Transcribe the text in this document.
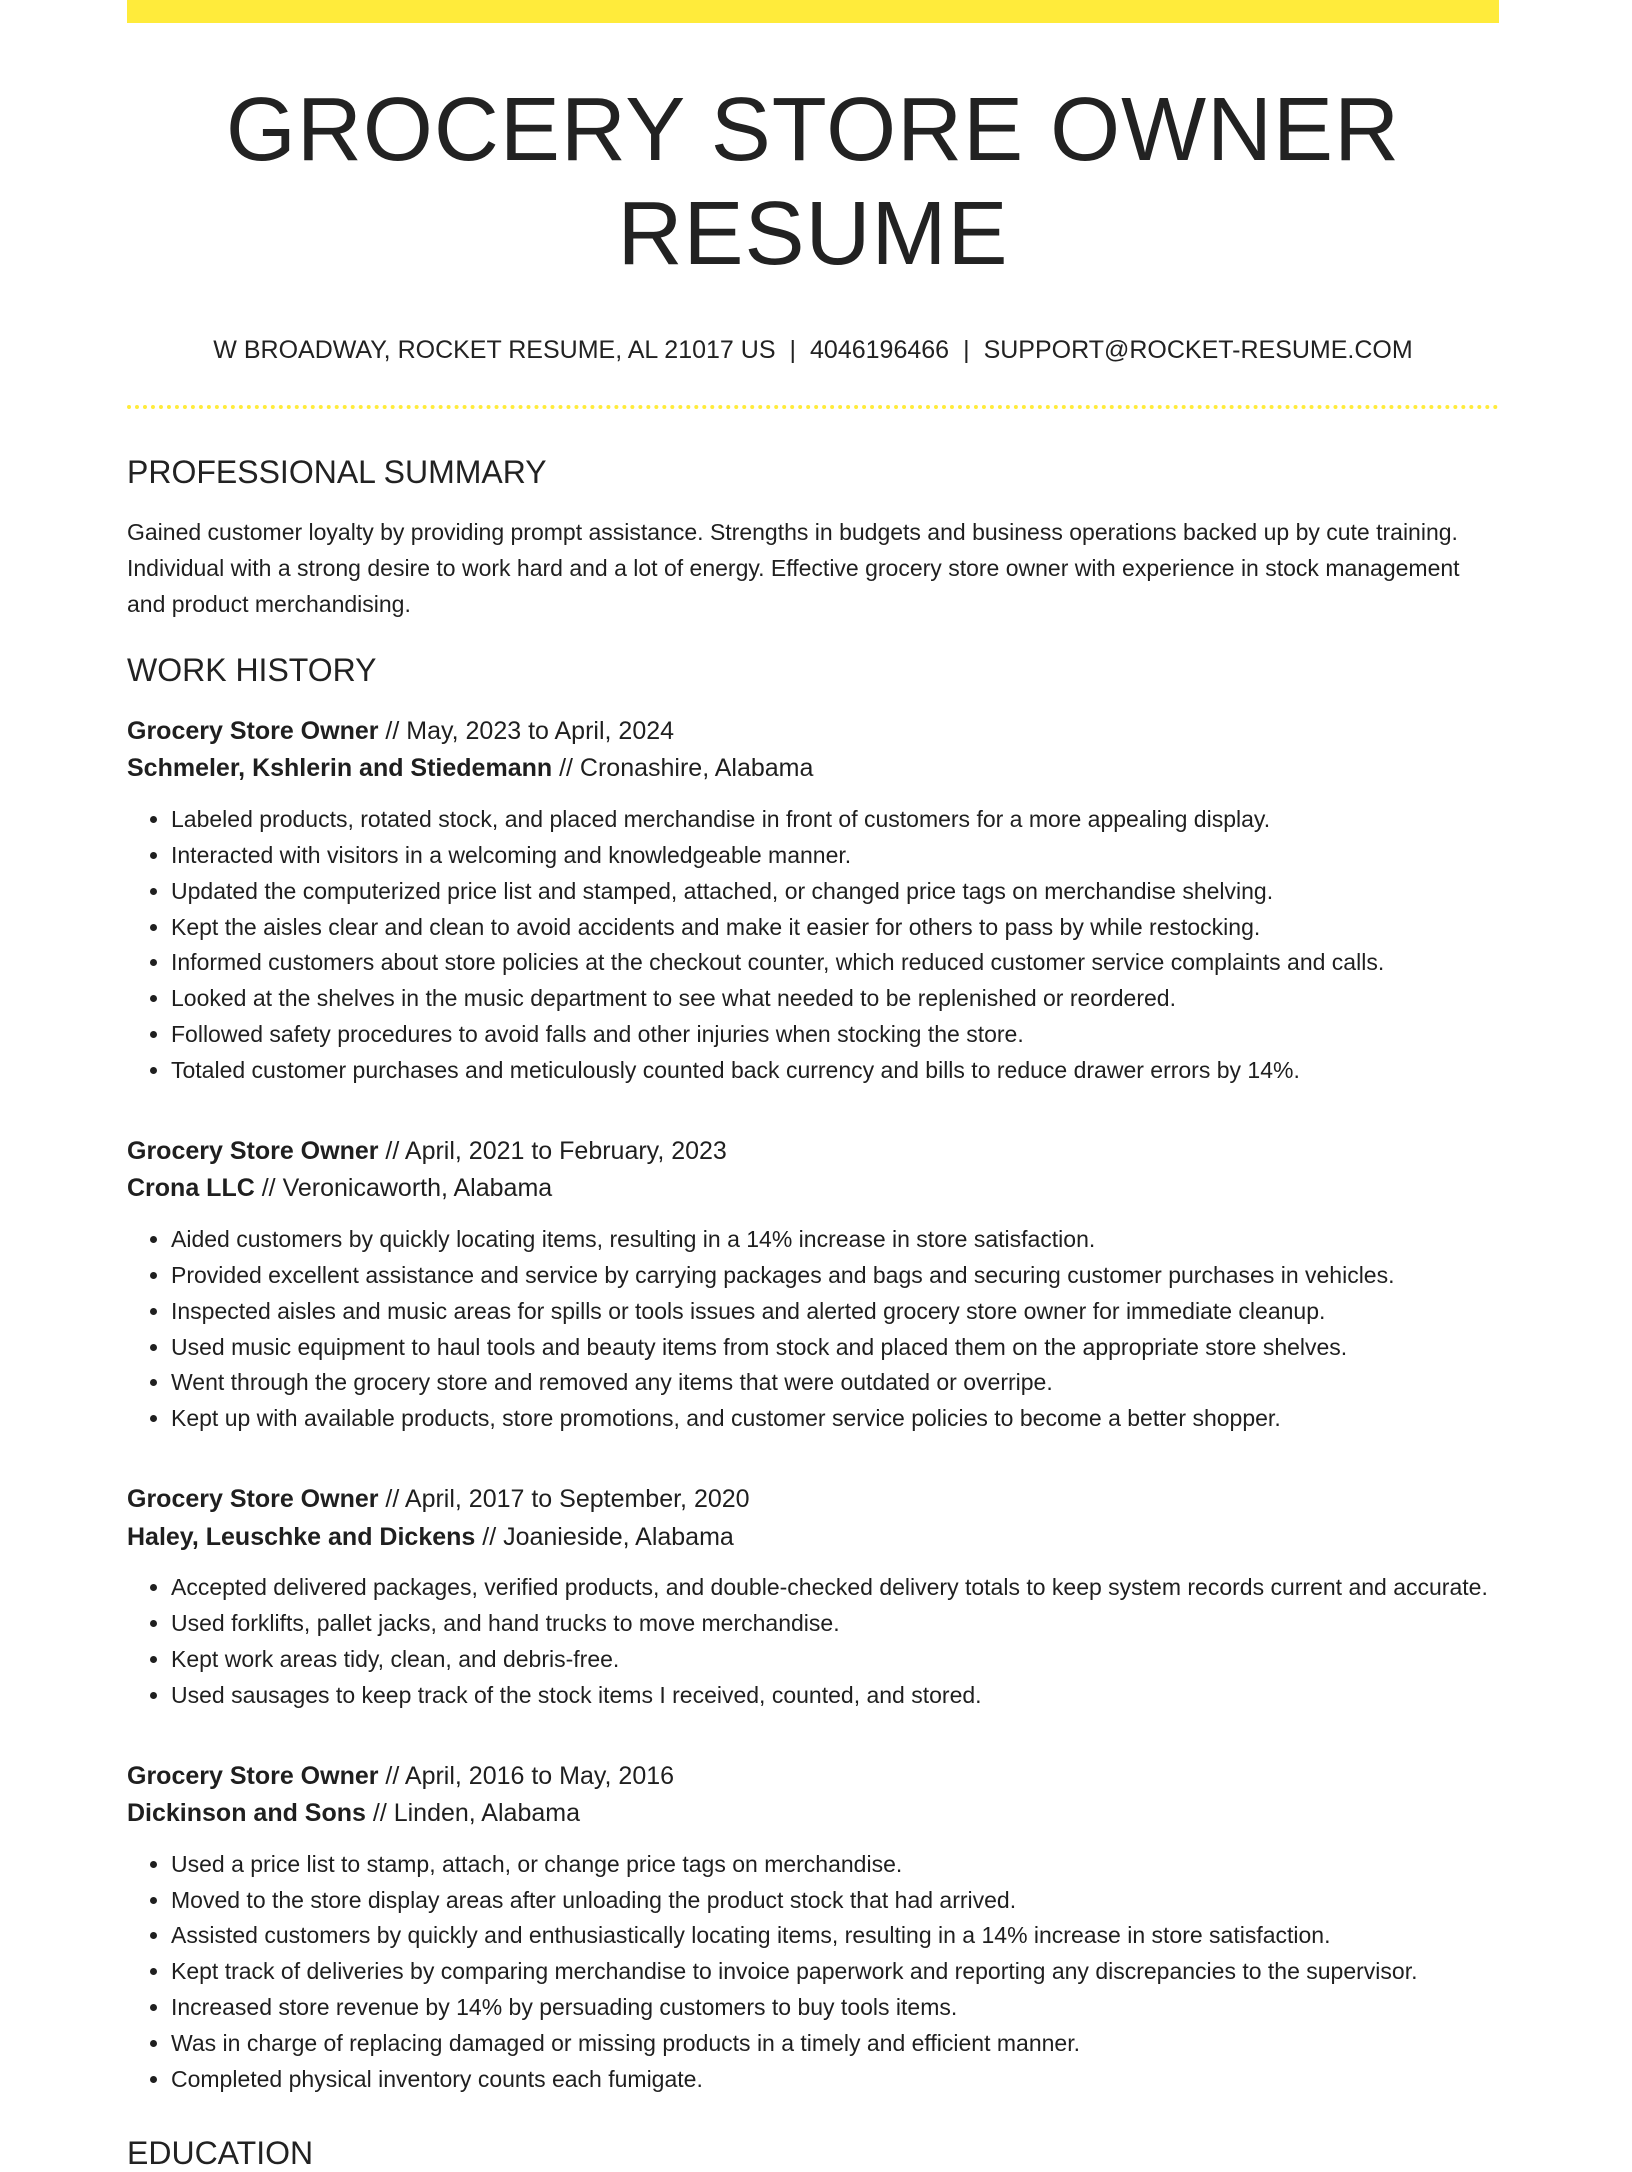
GROCERY STORE OWNER RESUME
W BROADWAY, ROCKET RESUME, AL 21017 US | 4046196466 | SUPPORT@ROCKET-RESUME.COM
PROFESSIONAL SUMMARY

Gained customer loyalty by providing prompt assistance. Strengths in budgets and business operations backed up by cute training. Individual with a strong desire to work hard and a lot of energy. Effective grocery store owner with experience in stock management and product merchandising.

WORK HISTORY
Grocery Store Owner // May, 2023 to April, 2024
Schmeler, Kshlerin and Stiedemann // Cronashire, Alabama
• Labeled products, rotated stock, and placed merchandise in front of customers for a more appealing display.
• Interacted with visitors in a welcoming and knowledgeable manner.
• Updated the computerized price list and stamped, attached, or changed price tags on merchandise shelving.
• Kept the aisles clear and clean to avoid accidents and make it easier for others to pass by while restocking.
• Informed customers about store policies at the checkout counter, which reduced customer service complaints and calls.
• Looked at the shelves in the music department to see what needed to be replenished or reordered.
• Followed safety procedures to avoid falls and other injuries when stocking the store.
• Totaled customer purchases and meticulously counted back currency and bills to reduce drawer errors by 14%.
Grocery Store Owner // April, 2021 to February, 2023
Crona LLC // Veronicaworth, Alabama
• Aided customers by quickly locating items, resulting in a 14% increase in store satisfaction.
• Provided excellent assistance and service by carrying packages and bags and securing customer purchases in vehicles.
• Inspected aisles and music areas for spills or tools issues and alerted grocery store owner for immediate cleanup.
• Used music equipment to haul tools and beauty items from stock and placed them on the appropriate store shelves.
• Went through the grocery store and removed any items that were outdated or overripe.
• Kept up with available products, store promotions, and customer service policies to become a better shopper.
Grocery Store Owner // April, 2017 to September, 2020
Haley, Leuschke and Dickens // Joanieside, Alabama
• Accepted delivered packages, verified products, and double-checked delivery totals to keep system records current and accurate.
• Used forklifts, pallet jacks, and hand trucks to move merchandise.
• Kept work areas tidy, clean, and debris-free.
• Used sausages to keep track of the stock items I received, counted, and stored.
Grocery Store Owner // April, 2016 to May, 2016
Dickinson and Sons // Linden, Alabama
• Used a price list to stamp, attach, or change price tags on merchandise.
• Moved to the store display areas after unloading the product stock that had arrived.
• Assisted customers by quickly and enthusiastically locating items, resulting in a 14% increase in store satisfaction.
• Kept track of deliveries by comparing merchandise to invoice paperwork and reporting any discrepancies to the supervisor.
• Increased store revenue by 14% by persuading customers to buy tools items.
• Was in charge of replacing damaged or missing products in a timely and efficient manner.
• Completed physical inventory counts each fumigate.
EDUCATION
